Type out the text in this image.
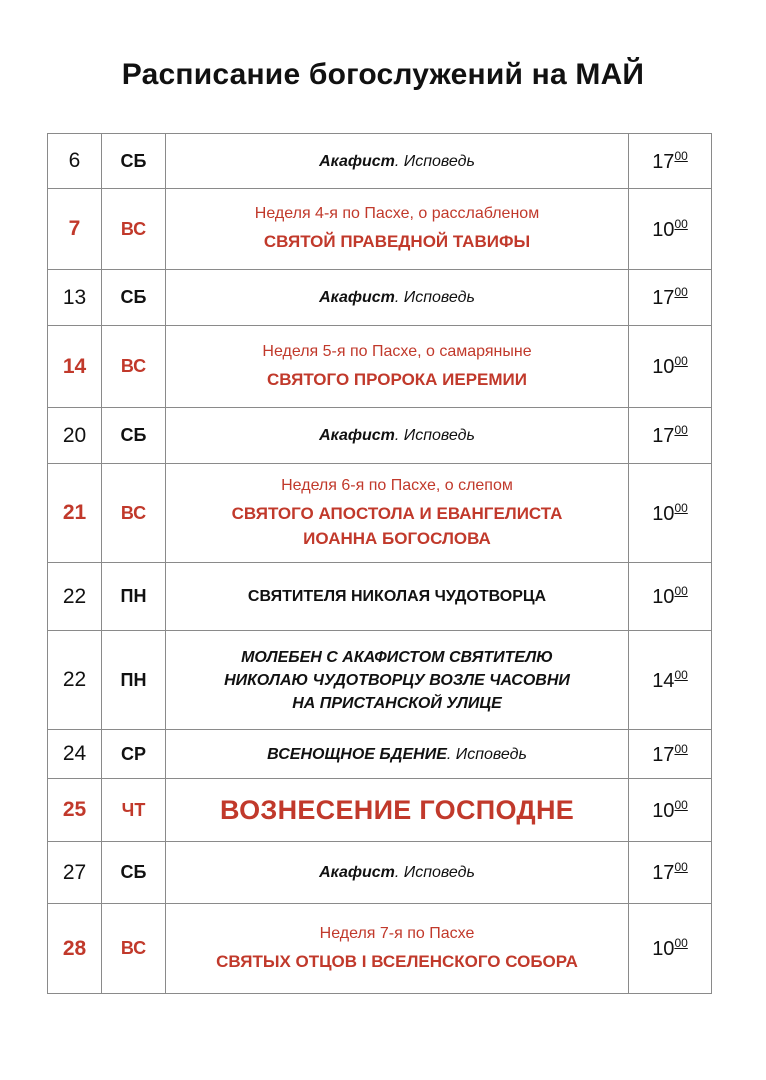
Расписание богослужений на МАЙ
6	СБ	Акафист. Исповедь	$17^{00}$
7	ВС	Неделя 4-я по Пасхе, о расслабленом
СВЯТОЙ ПРАВЕДНОЙ ТАВИФЫ	$10^{00}$
13	СБ	Акафист. Исповедь	$17^{00}$
14	ВС	Неделя 5-я по Пасхе, о самаряныне
СВЯТОГО ПРОРОКА ИЕРЕМИИ	$10^{00}$
20	СБ	Акафист. Исповедь	$17^{00}$
21	ВС	Неделя 6-я по Пасхе, о слепом
СВЯТОГО АПОСТОЛА И ЕВАНГЕЛИСТА
ИОАННА БОГОСЛОВА	$10^{00}$
22	ПН	СВЯТИТЕЛЯ НИКОЛАЯ ЧУДОТВОРЦА	$10^{00}$
22	ПН	МОЛЕБЕН С АКАФИСТОМ СВЯТИТЕЛЮ
НИКОЛАЮ ЧУДОТВОРЦУ ВОЗЛЕ ЧАСОВНИ
НА ПРИСТАНСКОЙ УЛИЦЕ	$14^{00}$
24	СР	ВСЕНОЩНОЕ БДЕНИЕ. Исповедь	$17^{00}$
25	ЧТ	ВОЗНЕСЕНИЕ ГОСПОДНЕ	$10^{00}$
27	СБ	Акафист. Исповедь	$17^{00}$
28	ВС	Неделя 7-я по Пасхе
СВЯТЫХ ОТЦОВ I ВСЕЛЕНСКОГО СОБОРА	$10^{00}$
